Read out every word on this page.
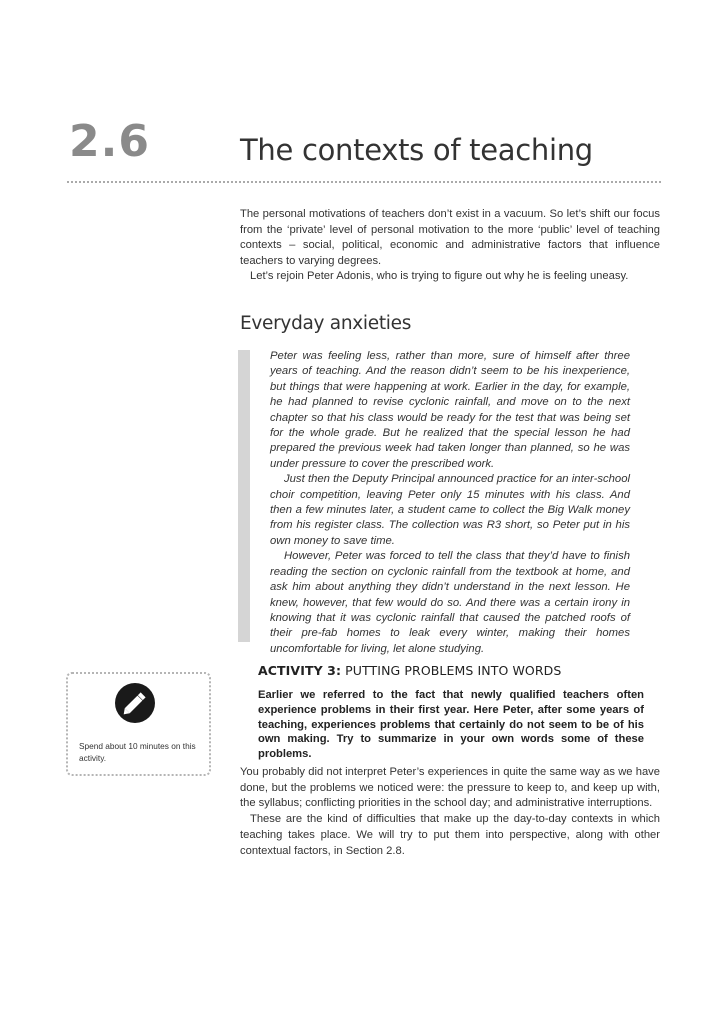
2.6	The contexts of teaching

The personal motivations of teachers don’t exist in a vacuum. So let’s shift our focus from the ‘private’ level of personal motivation to the more ‘public’ level of teaching contexts – social, political, economic and administrative factors that influence teachers to varying degrees.

Let’s rejoin Peter Adonis, who is trying to figure out why he is feeling uneasy.

Everyday anxieties

Peter was feeling less, rather than more, sure of himself after three years of teaching. And the reason didn’t seem to be his inexperience, but things that were happening at work. Earlier in the day, for example, he had planned to revise cyclonic rainfall, and move on to the next chapter so that his class would be ready for the test that was being set for the whole grade. But he realized that the special lesson he had prepared the previous week had taken longer than planned, so he was under pressure to cover the prescribed work.

Just then the Deputy Principal announced practice for an inter-school choir competition, leaving Peter only 15 minutes with his class. And then a few minutes later, a student came to collect the Big Walk money from his register class. The collection was R3 short, so Peter put in his own money to save time.

However, Peter was forced to tell the class that they’d have to finish reading the section on cyclonic rainfall from the textbook at home, and ask him about anything they didn’t understand in the next lesson. He knew, however, that few would do so. And there was a certain irony in knowing that it was cyclonic rainfall that caused the patched roofs of their pre-fab homes to leak every winter, making their homes uncomfortable for living, let alone studying.

Spend about 10 minutes on this activity.
ACTIVITY 3: PUTTING PROBLEMS INTO WORDS
Earlier we referred to the fact that newly qualified teachers often experience problems in their first year. Here Peter, after some years of teaching, experiences problems that certainly do not seem to be of his own making. Try to summarize in your own words some of these problems.

You probably did not interpret Peter’s experiences in quite the same way as we have done, but the problems we noticed were: the pressure to keep to, and keep up with, the syllabus; conflicting priorities in the school day; and administrative interruptions.

These are the kind of difficulties that make up the day-to-day contexts in which teaching takes place. We will try to put them into perspective, along with other contextual factors, in Section 2.8.
